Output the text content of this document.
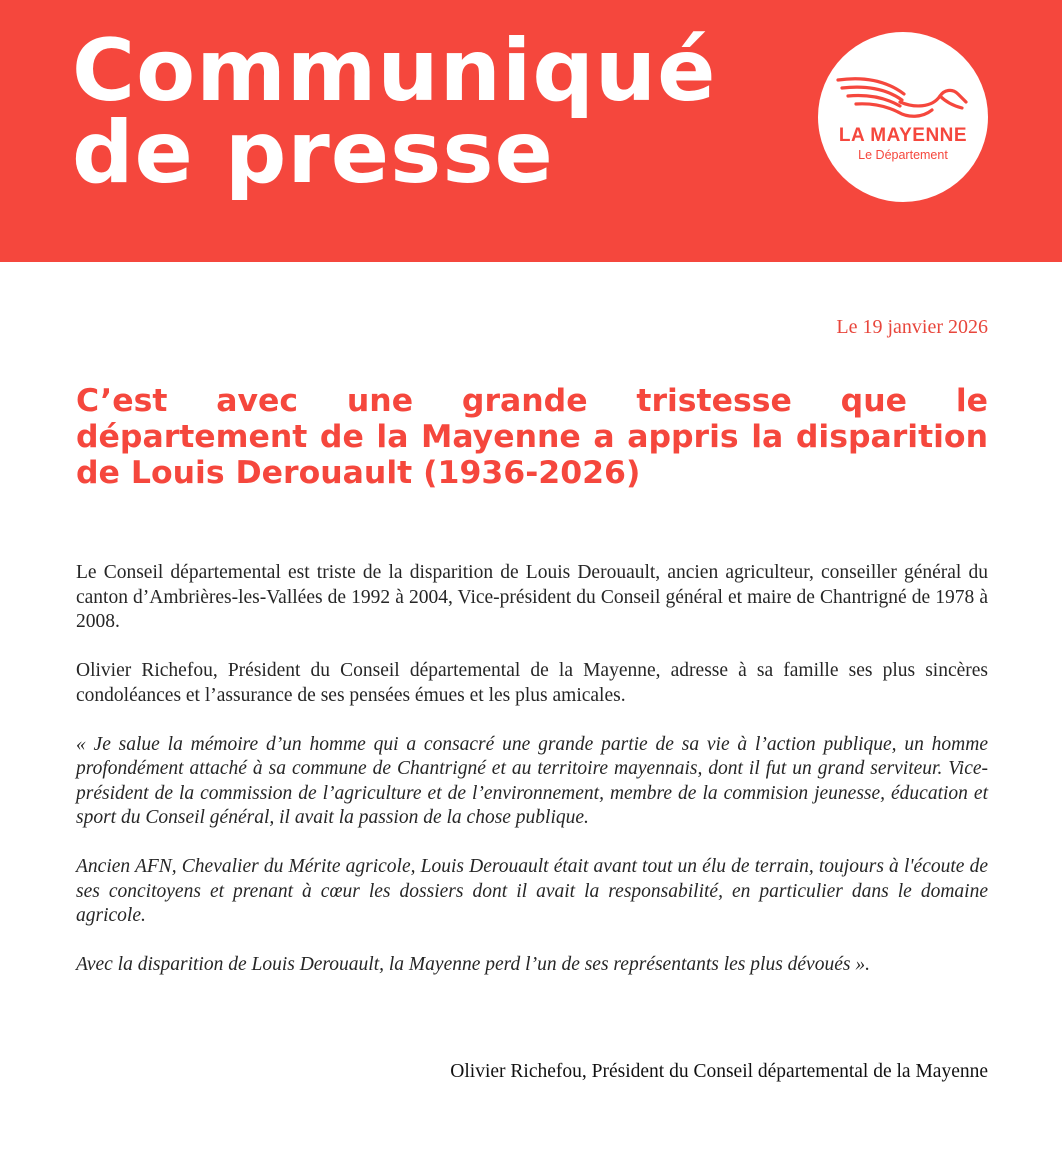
Communiqué
de presse	LA MAYENNE
Le Département
Le 19 janvier 2026
C’est avec une grande tristesse que le département de la Mayenne a appris la disparition de Louis Derouault (1936-2026)

Le Conseil départemental est triste de la disparition de Louis Derouault, ancien agriculteur, conseiller général du canton d’Ambrières-les-Vallées de 1992 à 2004, Vice-président du Conseil général et maire de Chantrigné de 1978 à 2008.

Olivier Richefou, Président du Conseil départemental de la Mayenne, adresse à sa famille ses plus sincères condoléances et l’assurance de ses pensées émues et les plus amicales.

« Je salue la mémoire d’un homme qui a consacré une grande partie de sa vie à l’action publique, un homme profondément attaché à sa commune de Chantrigné et au territoire mayennais, dont il fut un grand serviteur. Vice-président de la commission de l’agriculture et de l’environnement, membre de la commision jeunesse, éducation et sport du Conseil général, il avait la passion de la chose publique.

Ancien AFN, Chevalier du Mérite agricole, Louis Derouault était avant tout un élu de terrain, toujours à l'écoute de ses concitoyens et prenant à cœur les dossiers dont il avait la responsabilité, en particulier dans le domaine agricole.

Avec la disparition de Louis Derouault, la Mayenne perd l’un de ses représentants les plus dévoués ».

Olivier Richefou, Président du Conseil départemental de la Mayenne
